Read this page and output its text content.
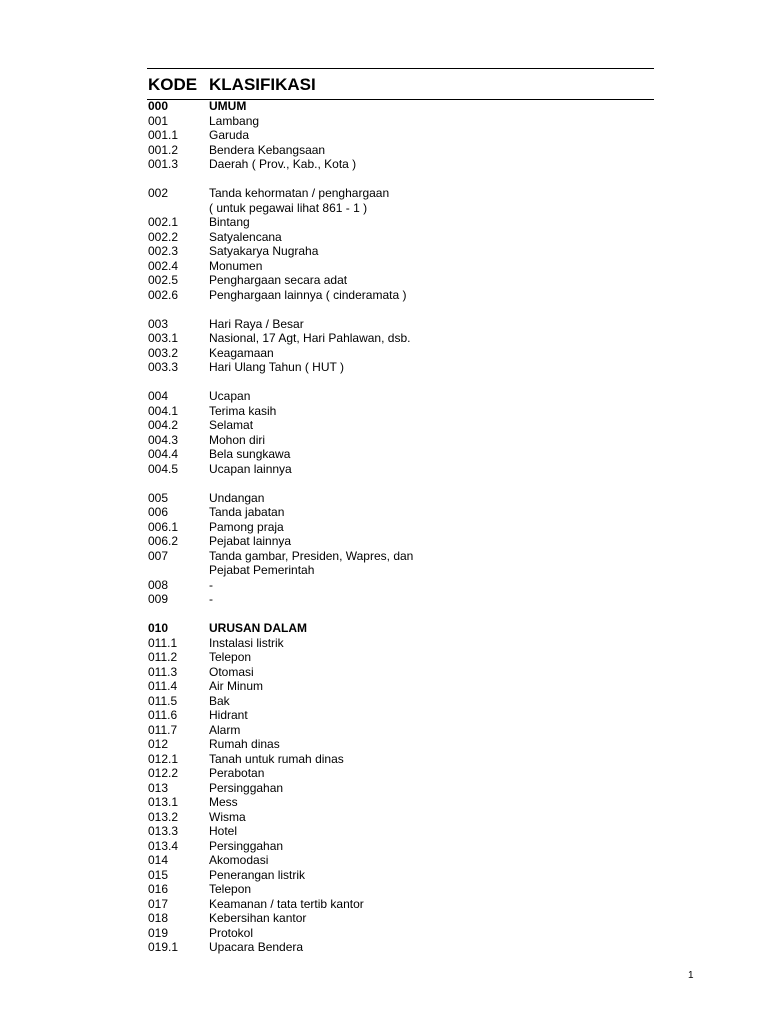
KODE KLASIFIKASI
000	UMUM
001	Lambang
001.1	Garuda
001.2	Bendera Kebangsaan
001.3	Daerah ( Prov., Kab., Kota )
002	Tanda kehormatan / penghargaan
( untuk pegawai lihat 861 - 1 )
002.1	Bintang
002.2	Satyalencana
002.3	Satyakarya Nugraha
002.4	Monumen
002.5	Penghargaan secara adat
002.6	Penghargaan lainnya ( cinderamata )
003	Hari Raya / Besar
003.1	Nasional, 17 Agt, Hari Pahlawan, dsb.
003.2	Keagamaan
003.3	Hari Ulang Tahun ( HUT )
004	Ucapan
004.1	Terima kasih
004.2	Selamat
004.3	Mohon diri
004.4	Bela sungkawa
004.5	Ucapan lainnya
005	Undangan
006	Tanda jabatan
006.1	Pamong praja
006.2	Pejabat lainnya
007	Tanda gambar, Presiden, Wapres, dan
Pejabat Pemerintah
008	-
009	-
010	URUSAN DALAM
011.1	Instalasi listrik
011.2	Telepon
011.3	Otomasi
011.4	Air Minum
011.5	Bak
011.6	Hidrant
011.7	Alarm
012	Rumah dinas
012.1	Tanah untuk rumah dinas
012.2	Perabotan
013	Persinggahan
013.1	Mess
013.2	Wisma
013.3	Hotel
013.4	Persinggahan
014	Akomodasi
015	Penerangan listrik
016	Telepon
017	Keamanan / tata tertib kantor
018	Kebersihan kantor
019	Protokol
019.1	Upacara Bendera
1
